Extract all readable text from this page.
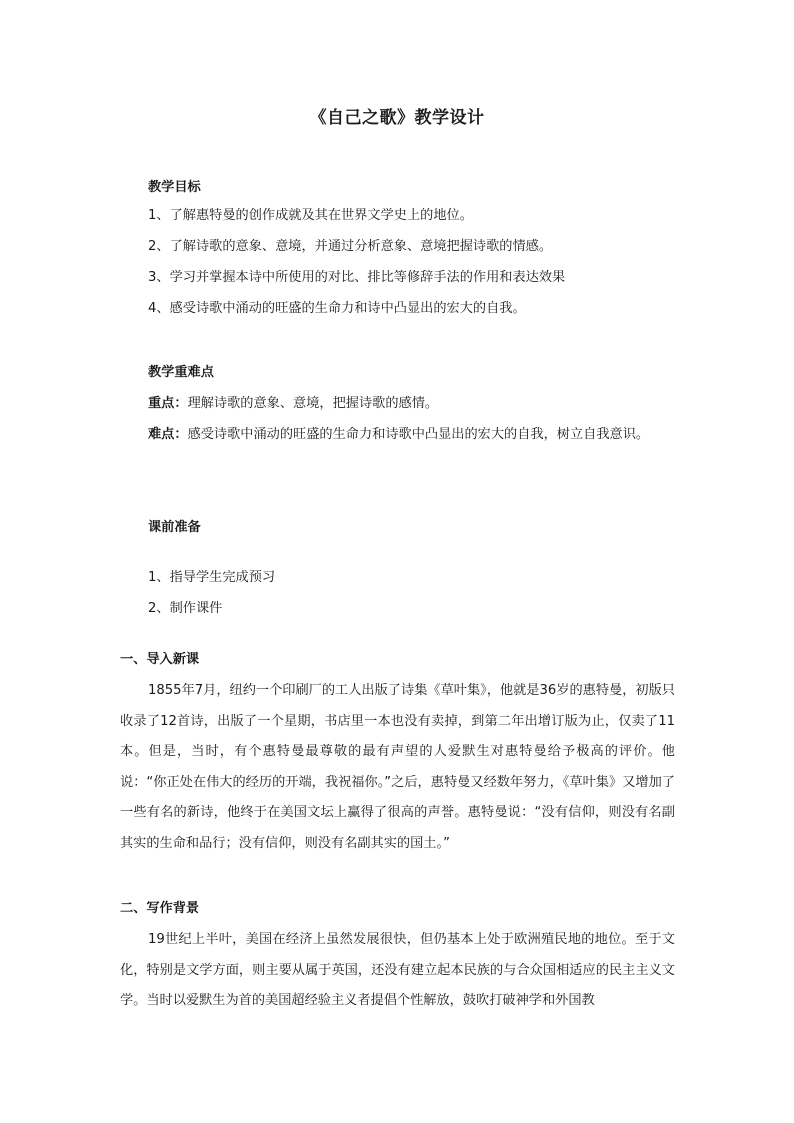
《自己之歌》教学设计
教学目标
1、了解惠特曼的创作成就及其在世界文学史上的地位。
2、了解诗歌的意象、意境，并通过分析意象、意境把握诗歌的情感。
3、学习并掌握本诗中所使用的对比、排比等修辞手法的作用和表达效果
4、感受诗歌中涌动的旺盛的生命力和诗中凸显出的宏大的自我。
教学重难点
重点：理解诗歌的意象、意境，把握诗歌的感情。
难点：感受诗歌中涌动的旺盛的生命力和诗歌中凸显出的宏大的自我，树立自我意识。
课前准备
1、指导学生完成预习
2、制作课件
一、导入新课
1855年7月，纽约一个印刷厂的工人出版了诗集《草叶集》，他就是36岁的惠特曼，初版只收录了12首诗，出版了一个星期，书店里一本也没有卖掉，到第二年出增订版为止，仅卖了11本。但是，当时，有个惠特曼最尊敬的最有声望的人爱默生对惠特曼给予极高的评价。他说：“你正处在伟大的经历的开端，我祝福你。”之后，惠特曼又经数年努力，《草叶集》又增加了一些有名的新诗，他终于在美国文坛上赢得了很高的声誉。惠特曼说：“没有信仰，则没有名副其实的生命和品行；没有信仰，则没有名副其实的国土。”
二、写作背景
19世纪上半叶，美国在经济上虽然发展很快，但仍基本上处于欧洲殖民地的地位。至于文化，特别是文学方面，则主要从属于英国，还没有建立起本民族的与合众国相适应的民主主义文学。当时以爱默生为首的美国超经验主义者提倡个性解放，鼓吹打破神学和外国教
